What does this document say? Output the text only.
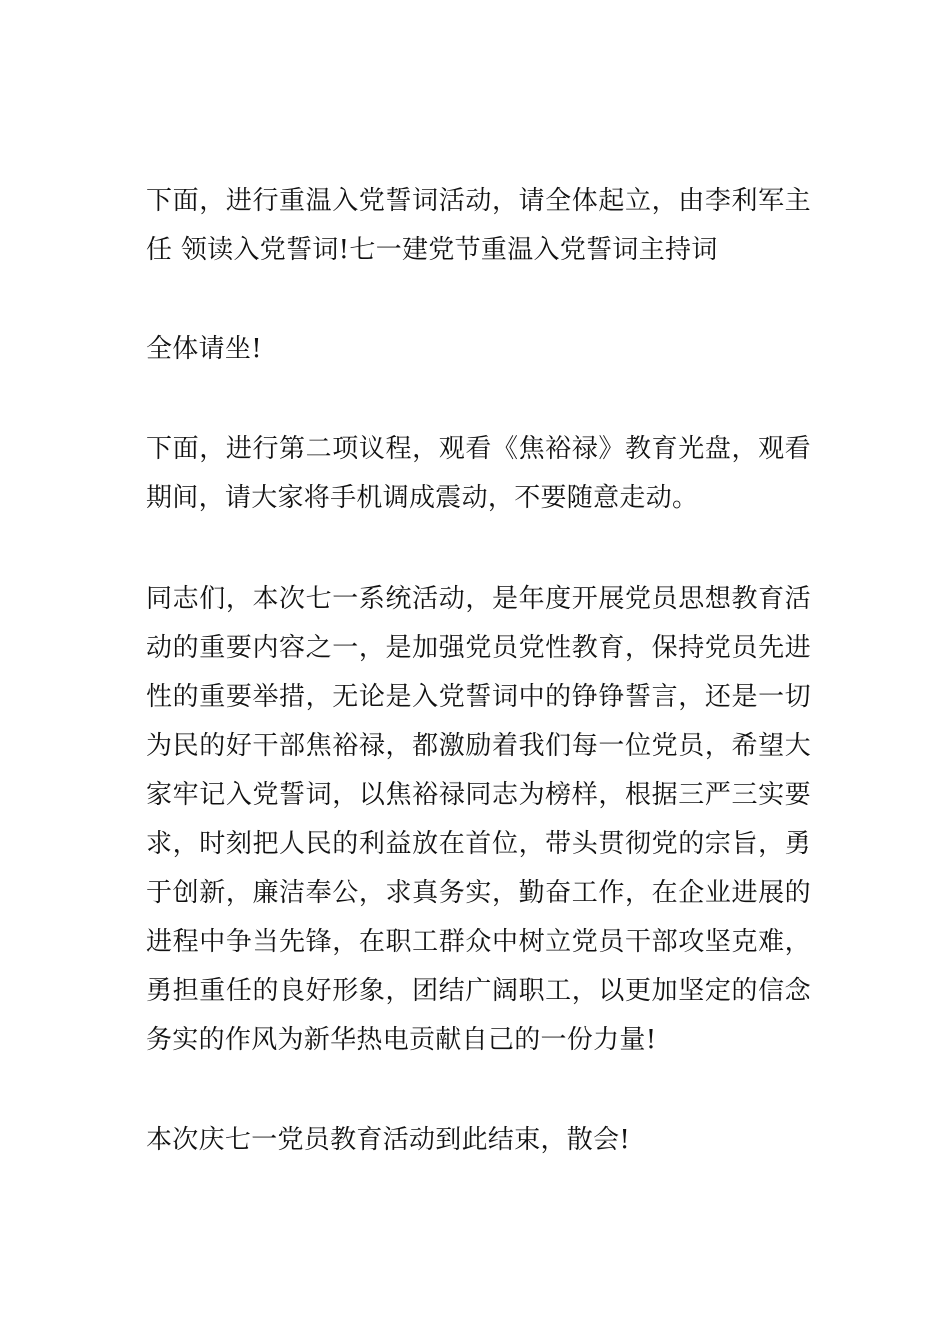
下面，进行重温入党誓词活动，请全体起立，由李利军主任 领读入党誓词!七一建党节重温入党誓词主持词

全体请坐!

下面，进行第二项议程，观看《焦裕禄》教育光盘，观看期间，请大家将手机调成震动，不要随意走动。

同志们，本次七一系统活动，是年度开展党员思想教育活动的重要内容之一，是加强党员党性教育，保持党员先进性的重要举措，无论是入党誓词中的铮铮誓言，还是一切为民的好干部焦裕禄，都激励着我们每一位党员，希望大家牢记入党誓词，以焦裕禄同志为榜样，根据三严三实要求，时刻把人民的利益放在首位，带头贯彻党的宗旨，勇于创新，廉洁奉公，求真务实，勤奋工作，在企业进展的进程中争当先锋，在职工群众中树立党员干部攻坚克难，勇担重任的良好形象，团结广阔职工，以更加坚定的信念务实的作风为新华热电贡献自己的一份力量!

本次庆七一党员教育活动到此结束，散会!
